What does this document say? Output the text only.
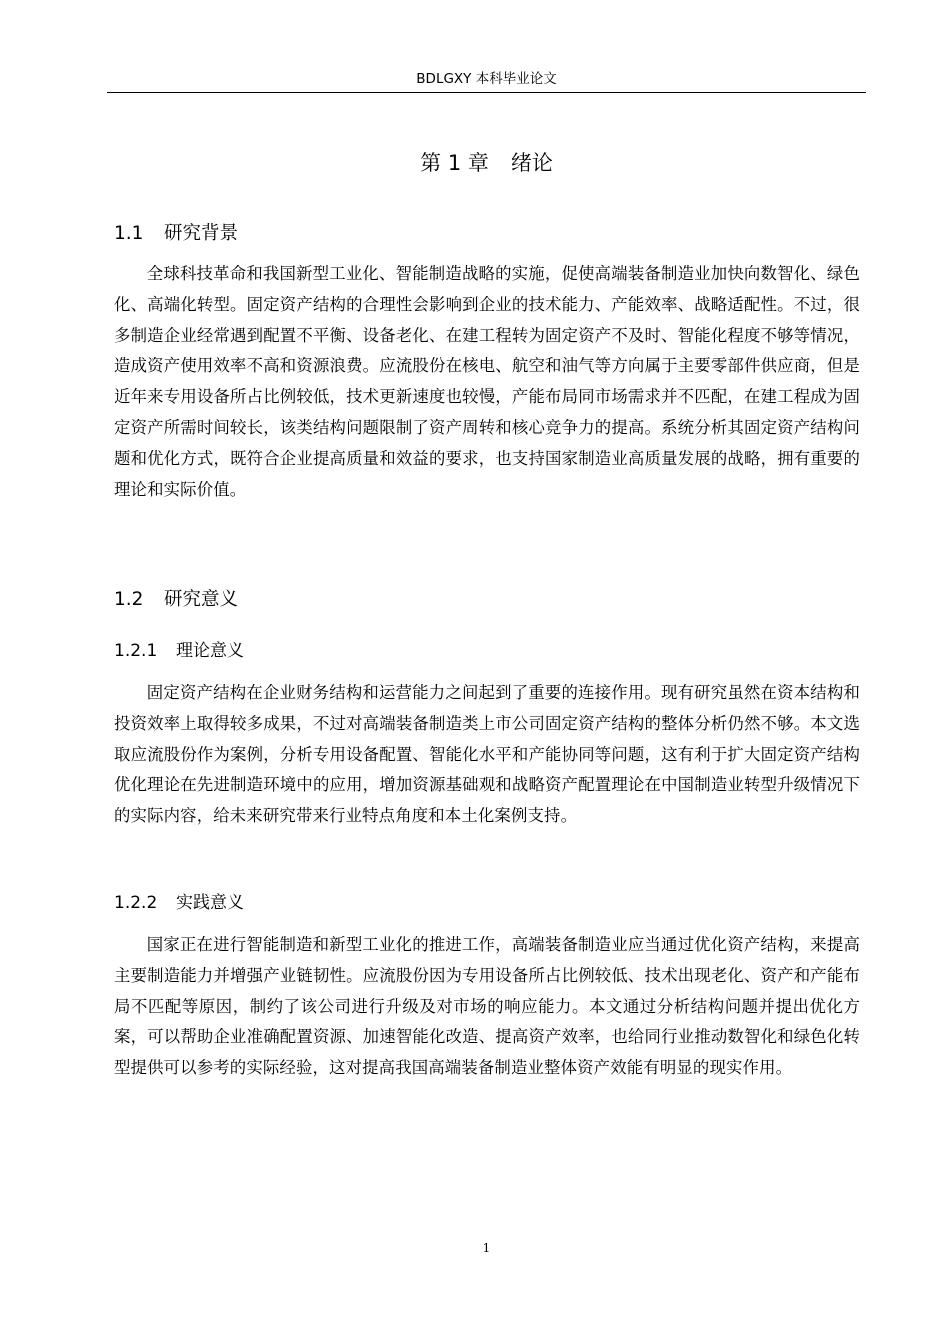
BDLGXY 本科毕业论文
第 1 章 绪论
1.1 研究背景

全球科技革命和我国新型工业化、智能制造战略的实施，促使高端装备制造业加快向数智化、绿色化、高端化转型。固定资产结构的合理性会影响到企业的技术能力、产能效率、战略适配性。不过，很多制造企业经常遇到配置不平衡、设备老化、在建工程转为固定资产不及时、智能化程度不够等情况，造成资产使用效率不高和资源浪费。应流股份在核电、航空和油气等方向属于主要零部件供应商，但是近年来专用设备所占比例较低，技术更新速度也较慢，产能布局同市场需求并不匹配，在建工程成为固定资产所需时间较长，该类结构问题限制了资产周转和核心竞争力的提高。系统分析其固定资产结构问题和优化方式，既符合企业提高质量和效益的要求，也支持国家制造业高质量发展的战略，拥有重要的理论和实际价值。

1.2 研究意义
1.2.1 理论意义

固定资产结构在企业财务结构和运营能力之间起到了重要的连接作用。现有研究虽然在资本结构和投资效率上取得较多成果，不过对高端装备制造类上市公司固定资产结构的整体分析仍然不够。本文选取应流股份作为案例，分析专用设备配置、智能化水平和产能协同等问题，这有利于扩大固定资产结构优化理论在先进制造环境中的应用，增加资源基础观和战略资产配置理论在中国制造业转型升级情况下的实际内容，给未来研究带来行业特点角度和本土化案例支持。

1.2.2 实践意义

国家正在进行智能制造和新型工业化的推进工作，高端装备制造业应当通过优化资产结构，来提高主要制造能力并增强产业链韧性。应流股份因为专用设备所占比例较低、技术出现老化、资产和产能布局不匹配等原因，制约了该公司进行升级及对市场的响应能力。本文通过分析结构问题并提出优化方案，可以帮助企业准确配置资源、加速智能化改造、提高资产效率，也给同行业推动数智化和绿色化转型提供可以参考的实际经验，这对提高我国高端装备制造业整体资产效能有明显的现实作用。

1
